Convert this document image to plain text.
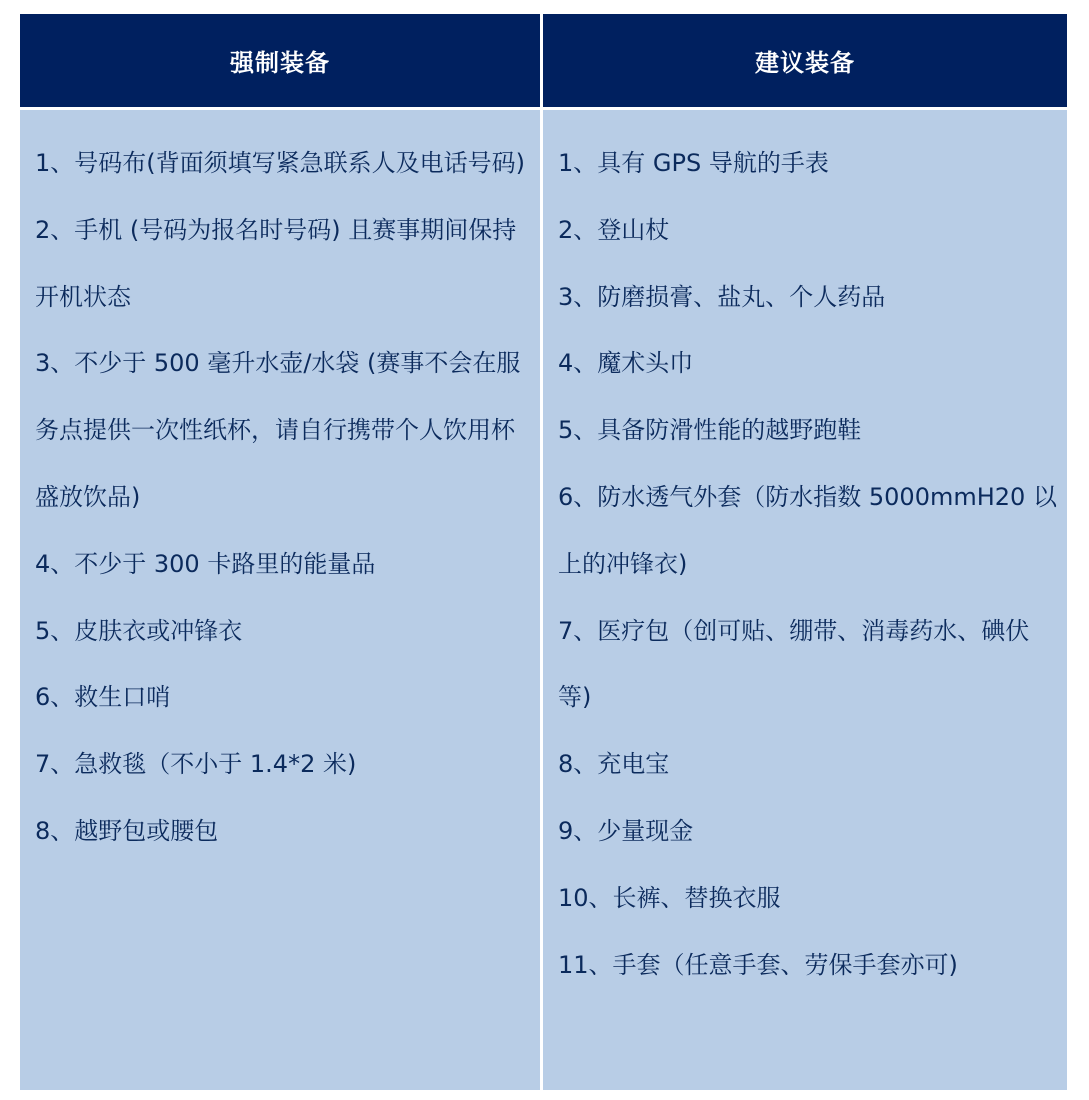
强制装备	建议装备
1、号码布(背面须填写紧急联系人及电话号码)
2、手机 (号码为报名时号码) 且赛事期间保持开机状态
3、不少于 500 毫升水壶/水袋 (赛事不会在服务点提供一次性纸杯，请自行携带个人饮用杯盛放饮品)
4、不少于 300 卡路里的能量品
5、皮肤衣或冲锋衣
6、救生口哨
7、急救毯（不小于 1.4*2 米)
8、越野包或腰包
1、具有 GPS 导航的手表
2、登山杖
3、防磨损膏、盐丸、个人药品
4、魔术头巾
5、具备防滑性能的越野跑鞋
6、防水透气外套（防水指数 5000mmH20 以上的冲锋衣)
7、医疗包（创可贴、绷带、消毒药水、碘伏等)
8、充电宝
9、少量现金
10、长裤、替换衣服
11、手套（任意手套、劳保手套亦可)
